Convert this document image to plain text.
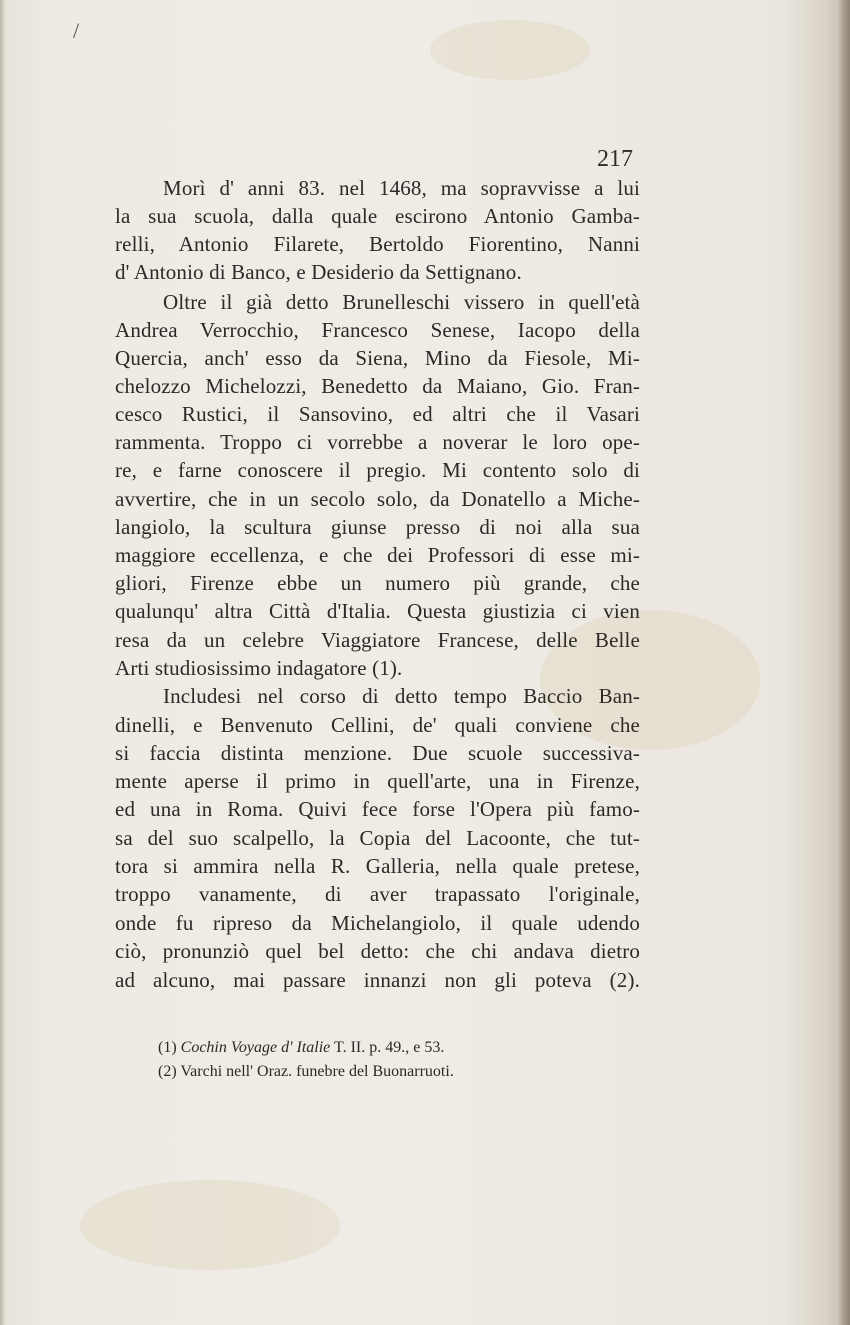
/
217
Morì d' anni 83. nel 1468, ma sopravvisse a lui
la sua scuola, dalla quale escirono Antonio Gamba-
relli, Antonio Filarete, Bertoldo Fiorentino, Nanni
d' Antonio di Banco, e Desiderio da Settignano.
Oltre il già detto Brunelleschi vissero in quell'età
Andrea Verrocchio, Francesco Senese, Iacopo della
Quercia, anch' esso da Siena, Mino da Fiesole, Mi-
chelozzo Michelozzi, Benedetto da Maiano, Gio. Fran-
cesco Rustici, il Sansovino, ed altri che il Vasari
rammenta. Troppo ci vorrebbe a noverar le loro ope-
re, e farne conoscere il pregio. Mi contento solo di
avvertire, che in un secolo solo, da Donatello a Miche-
langiolo, la scultura giunse presso di noi alla sua
maggiore eccellenza, e che dei Professori di esse mi-
gliori, Firenze ebbe un numero più grande, che
qualunqu' altra Città d'Italia. Questa giustizia ci vien
resa da un celebre Viaggiatore Francese, delle Belle
Arti studiosissimo indagatore (1).
Includesi nel corso di detto tempo Baccio Ban-
dinelli, e Benvenuto Cellini, de' quali conviene che
si faccia distinta menzione. Due scuole successiva-
mente aperse il primo in quell'arte, una in Firenze,
ed una in Roma. Quivi fece forse l'Opera più famo-
sa del suo scalpello, la Copia del Lacoonte, che tut-
tora si ammira nella R. Galleria, nella quale pretese,
troppo vanamente, di aver trapassato l'originale,
onde fu ripreso da Michelangiolo, il quale udendo
ciò, pronunziò quel bel detto: che chi andava dietro
ad alcuno, mai passare innanzi non gli poteva (2).
(1) Cochin Voyage d' Italie T. II. p. 49., e 53.
(2) Varchi nell' Oraz. funebre del Buonarruoti.
